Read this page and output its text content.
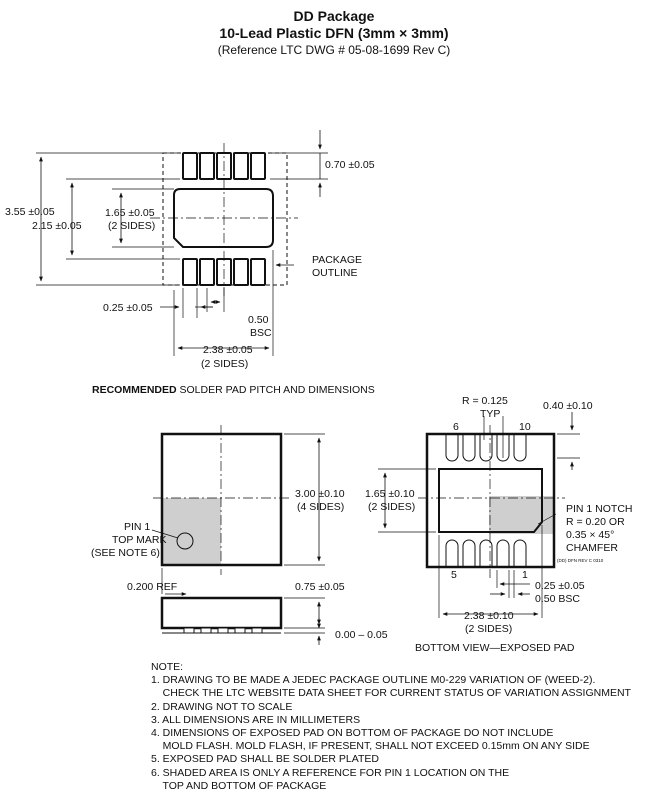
DD Package
10-Lead Plastic DFN (3mm × 3mm)
(Reference LTC DWG # 05-08-1699 Rev C)
0.70 ±0.05
3.55 ±0.05
2.15 ±0.05
1.65 ±0.05
(2 SIDES)
PACKAGE
OUTLINE
0.25 ±0.05
0.50
BSC
2.38 ±0.05
(2 SIDES)
RECOMMENDED SOLDER PAD PITCH AND DIMENSIONS
PIN 1
TOP MARK
(SEE NOTE 6)
3.00 ±0.10
(4 SIDES)
0.200 REF	0.75 ±0.05
0.00 – 0.05
R = 0.125
TYP
6	10
0.40 ±0.10
1.65 ±0.10
(2 SIDES)	PIN 1 NOTCH
R = 0.20 OR
0.35 × 45°
CHAMFER
(DD) DFN REV C 0310
5	1
0.25 ±0.05
0.50 BSC
2.38 ±0.10
(2 SIDES)
BOTTOM VIEW—EXPOSED PAD
NOTE:
1. DRAWING TO BE MADE A JEDEC PACKAGE OUTLINE M0-229 VARIATION OF (WEED-2).
CHECK THE LTC WEBSITE DATA SHEET FOR CURRENT STATUS OF VARIATION ASSIGNMENT
2. DRAWING NOT TO SCALE
3. ALL DIMENSIONS ARE IN MILLIMETERS
4. DIMENSIONS OF EXPOSED PAD ON BOTTOM OF PACKAGE DO NOT INCLUDE
MOLD FLASH. MOLD FLASH, IF PRESENT, SHALL NOT EXCEED 0.15mm ON ANY SIDE
5. EXPOSED PAD SHALL BE SOLDER PLATED
6. SHADED AREA IS ONLY A REFERENCE FOR PIN 1 LOCATION ON THE
TOP AND BOTTOM OF PACKAGE
